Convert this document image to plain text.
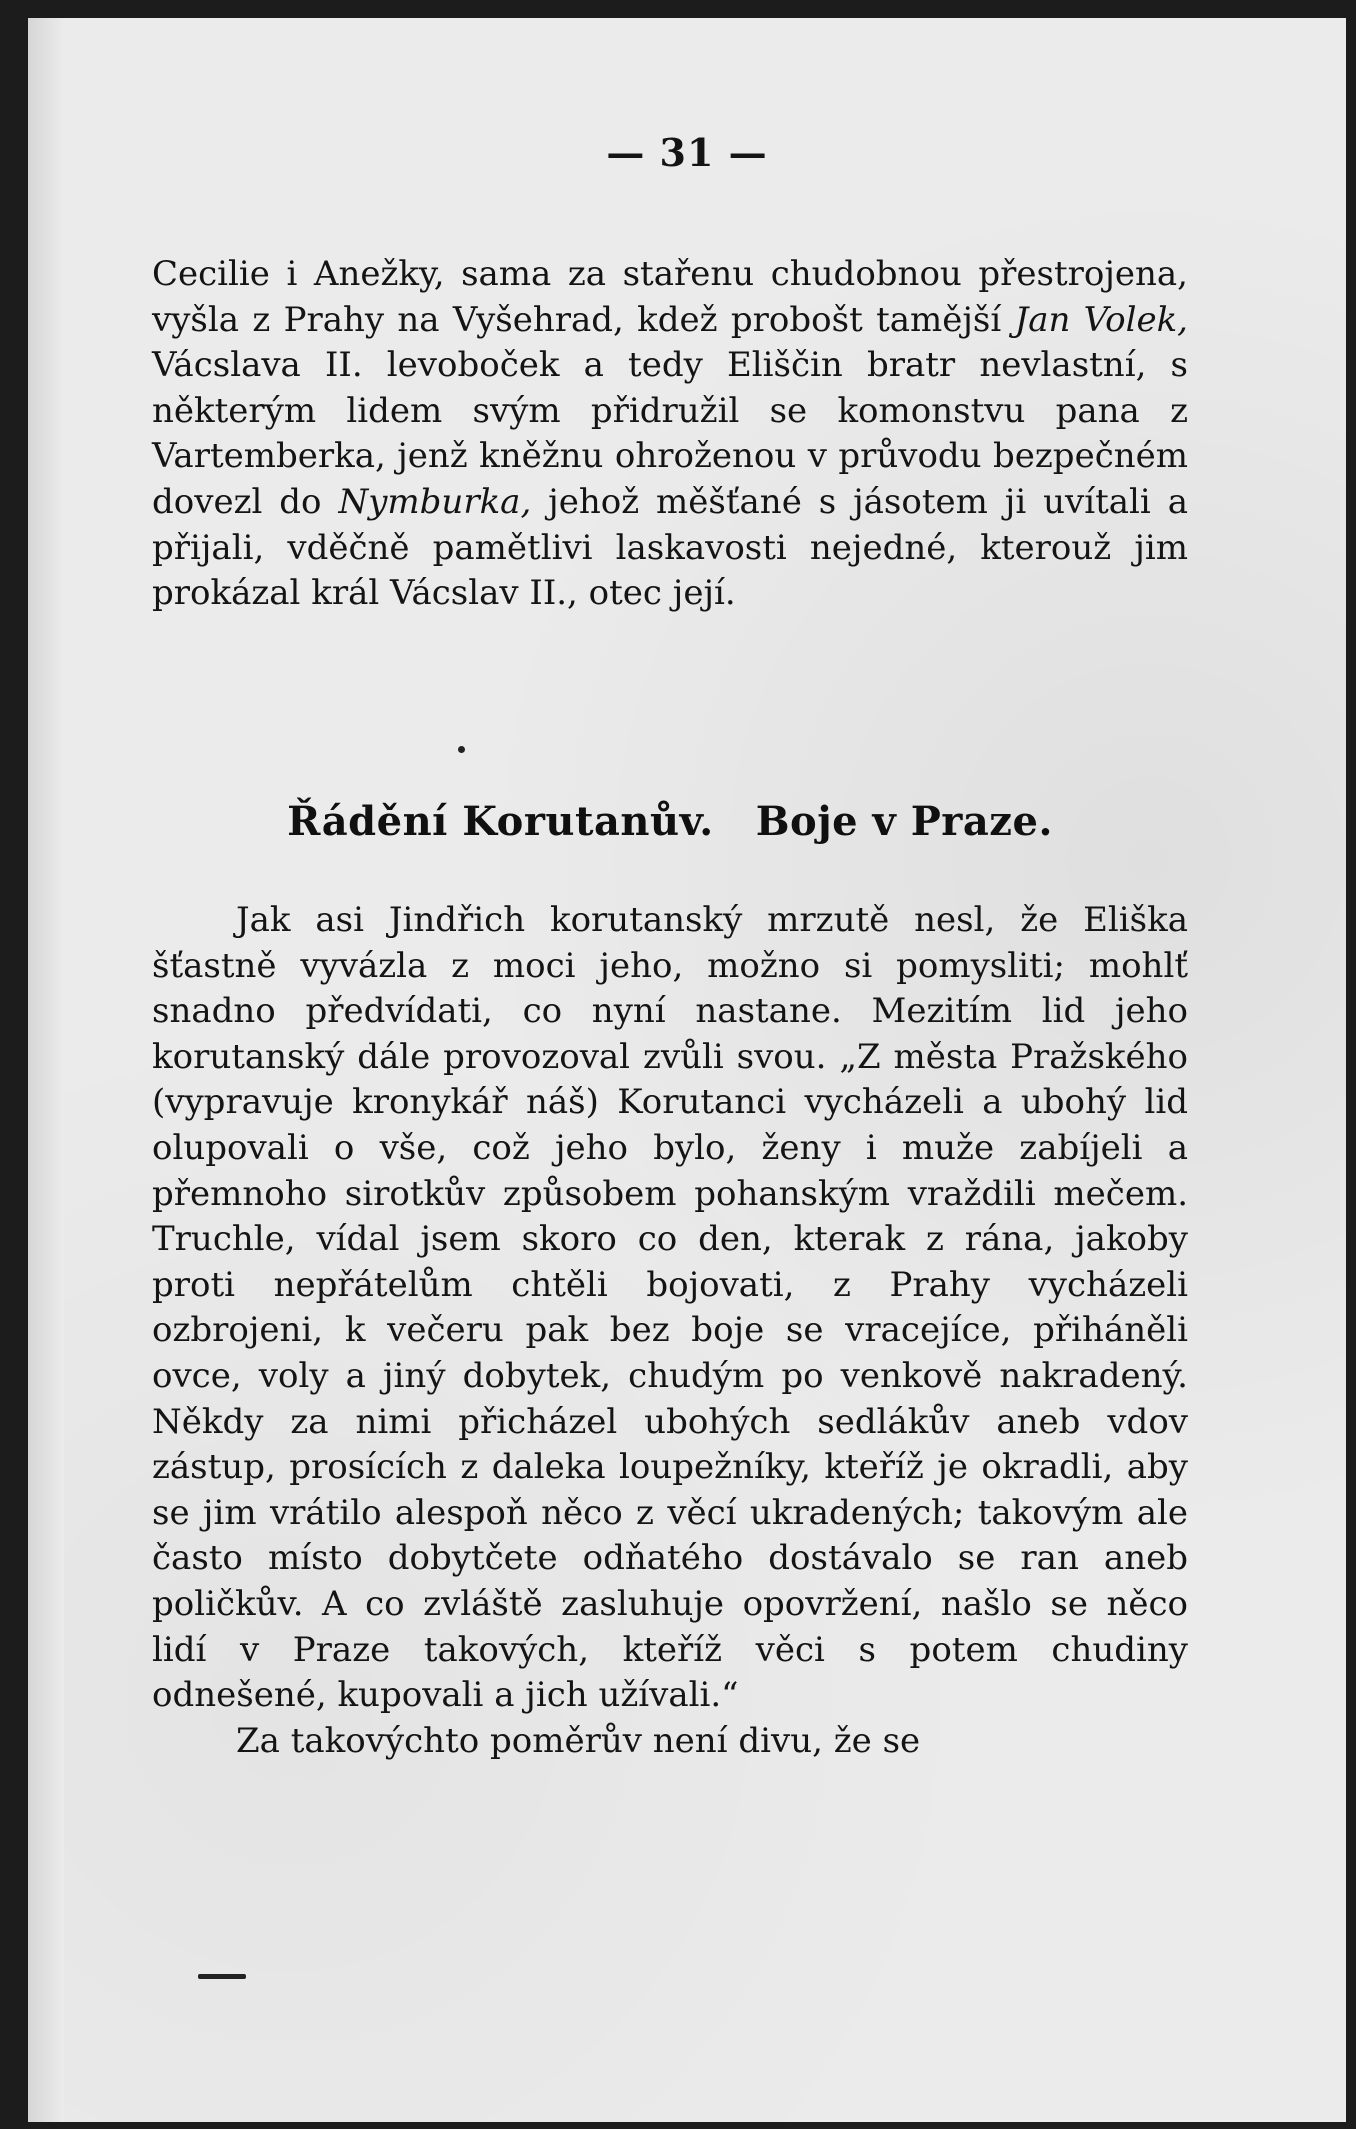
— 31 —

Cecilie i Anežky, sama za stařenu chudobnou přestrojena, vyšla z Prahy na Vyšehrad, kdež probošt tamější Jan Volek, Vácslava II. levoboček a tedy Eliščin bratr nevlastní, s některým lidem svým přidružil se komonstvu pana z Vartemberka, jenž kněžnu ohroženou v průvodu bezpečném dovezl do Nymburka, jehož měšťané s jásotem ji uvítali a přijali, vděčně pamětlivi laskavosti nejedné, kterouž jim prokázal král Vácslav II., otec její.

Řádění Korutanův. Boje v Praze.

Jak asi Jindřich korutanský mrzutě nesl, že Eliška šťastně vyvázla z moci jeho, možno si pomysliti; mohlť snadno předvídati, co nyní nastane. Mezitím lid jeho korutanský dále provozoval zvůli svou. „Z města Pražského (vypravuje kronykář náš) Korutanci vycházeli a ubohý lid olupovali o vše, což jeho bylo, ženy i muže zabíjeli a přemnoho sirotkův způsobem pohanským vraždili mečem. Truchle, vídal jsem skoro co den, kterak z rána, jakoby proti nepřátelům chtěli bojovati, z Prahy vycházeli ozbrojeni, k večeru pak bez boje se vracejíce, přiháněli ovce, voly a jiný dobytek, chudým po venkově nakradený. Někdy za nimi přicházel ubohých sedlákův aneb vdov zástup, prosících z daleka loupežníky, kteříž je okradli, aby se jim vrátilo alespoň něco z věcí ukradených; takovým ale často místo dobytčete odňatého dostávalo se ran aneb poličkův. A co zvláště zasluhuje opovržení, našlo se něco lidí v Praze takových, kteříž věci s potem chudiny odnešené, kupovali a jich užívali.“

Za takovýchto poměrův není divu, že se
